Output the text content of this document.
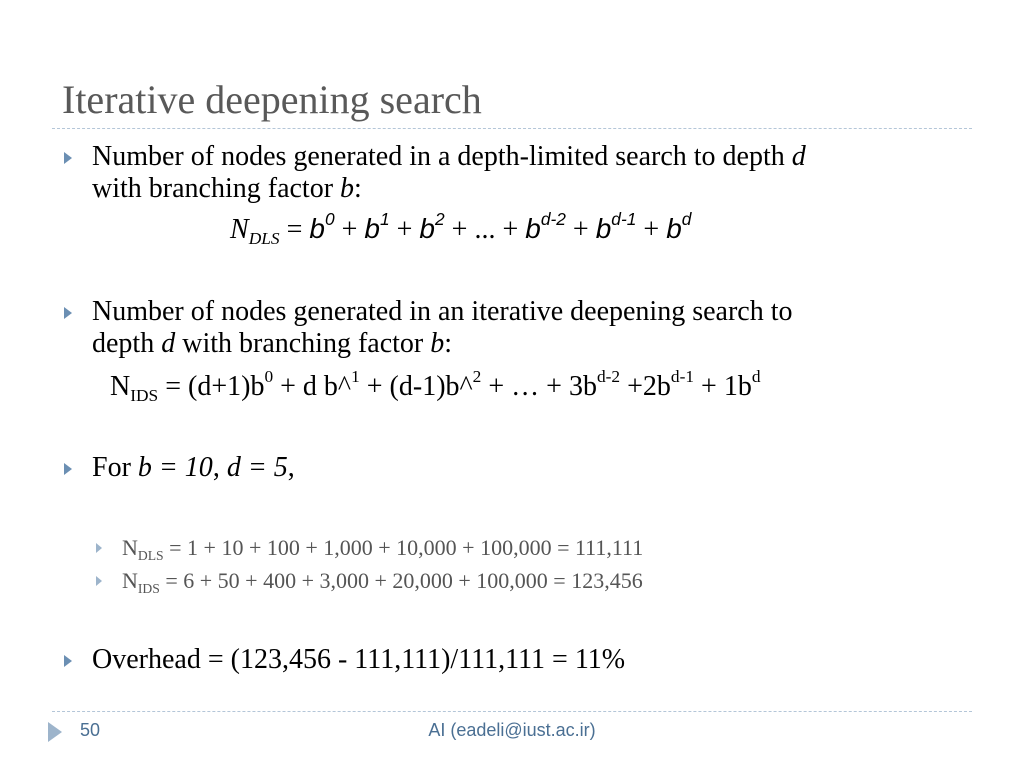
Iterative deepening search
Number of nodes generated in a depth-limited search to depth d
with branching factor b:
$N_{DLS} = b^0 + b^1 + b^2$ + ... + $b^{d-2} + b^{d-1} + b^d$
Number of nodes generated in an iterative deepening search to
depth d with branching factor b:
$N_{IDS} = (d+1)b^0 + d$ b^$^1$ + (d-1)b^$^2$ + … + $3b^{d-2} +2b^{d-1} + 1b^d$
For b = 10, d = 5,
$N_{DLS} = 1 + 10 + 100 + 1,000 + 10,000 + 100,000 = 111,111$
$N_{IDS} = 6 + 50 + 400 + 3,000 + 20,000 + 100,000 = 123,456$
Overhead = (123,456 - 111,111)/111,111 = 11%
50	AI (eadeli@iust.ac.ir)
